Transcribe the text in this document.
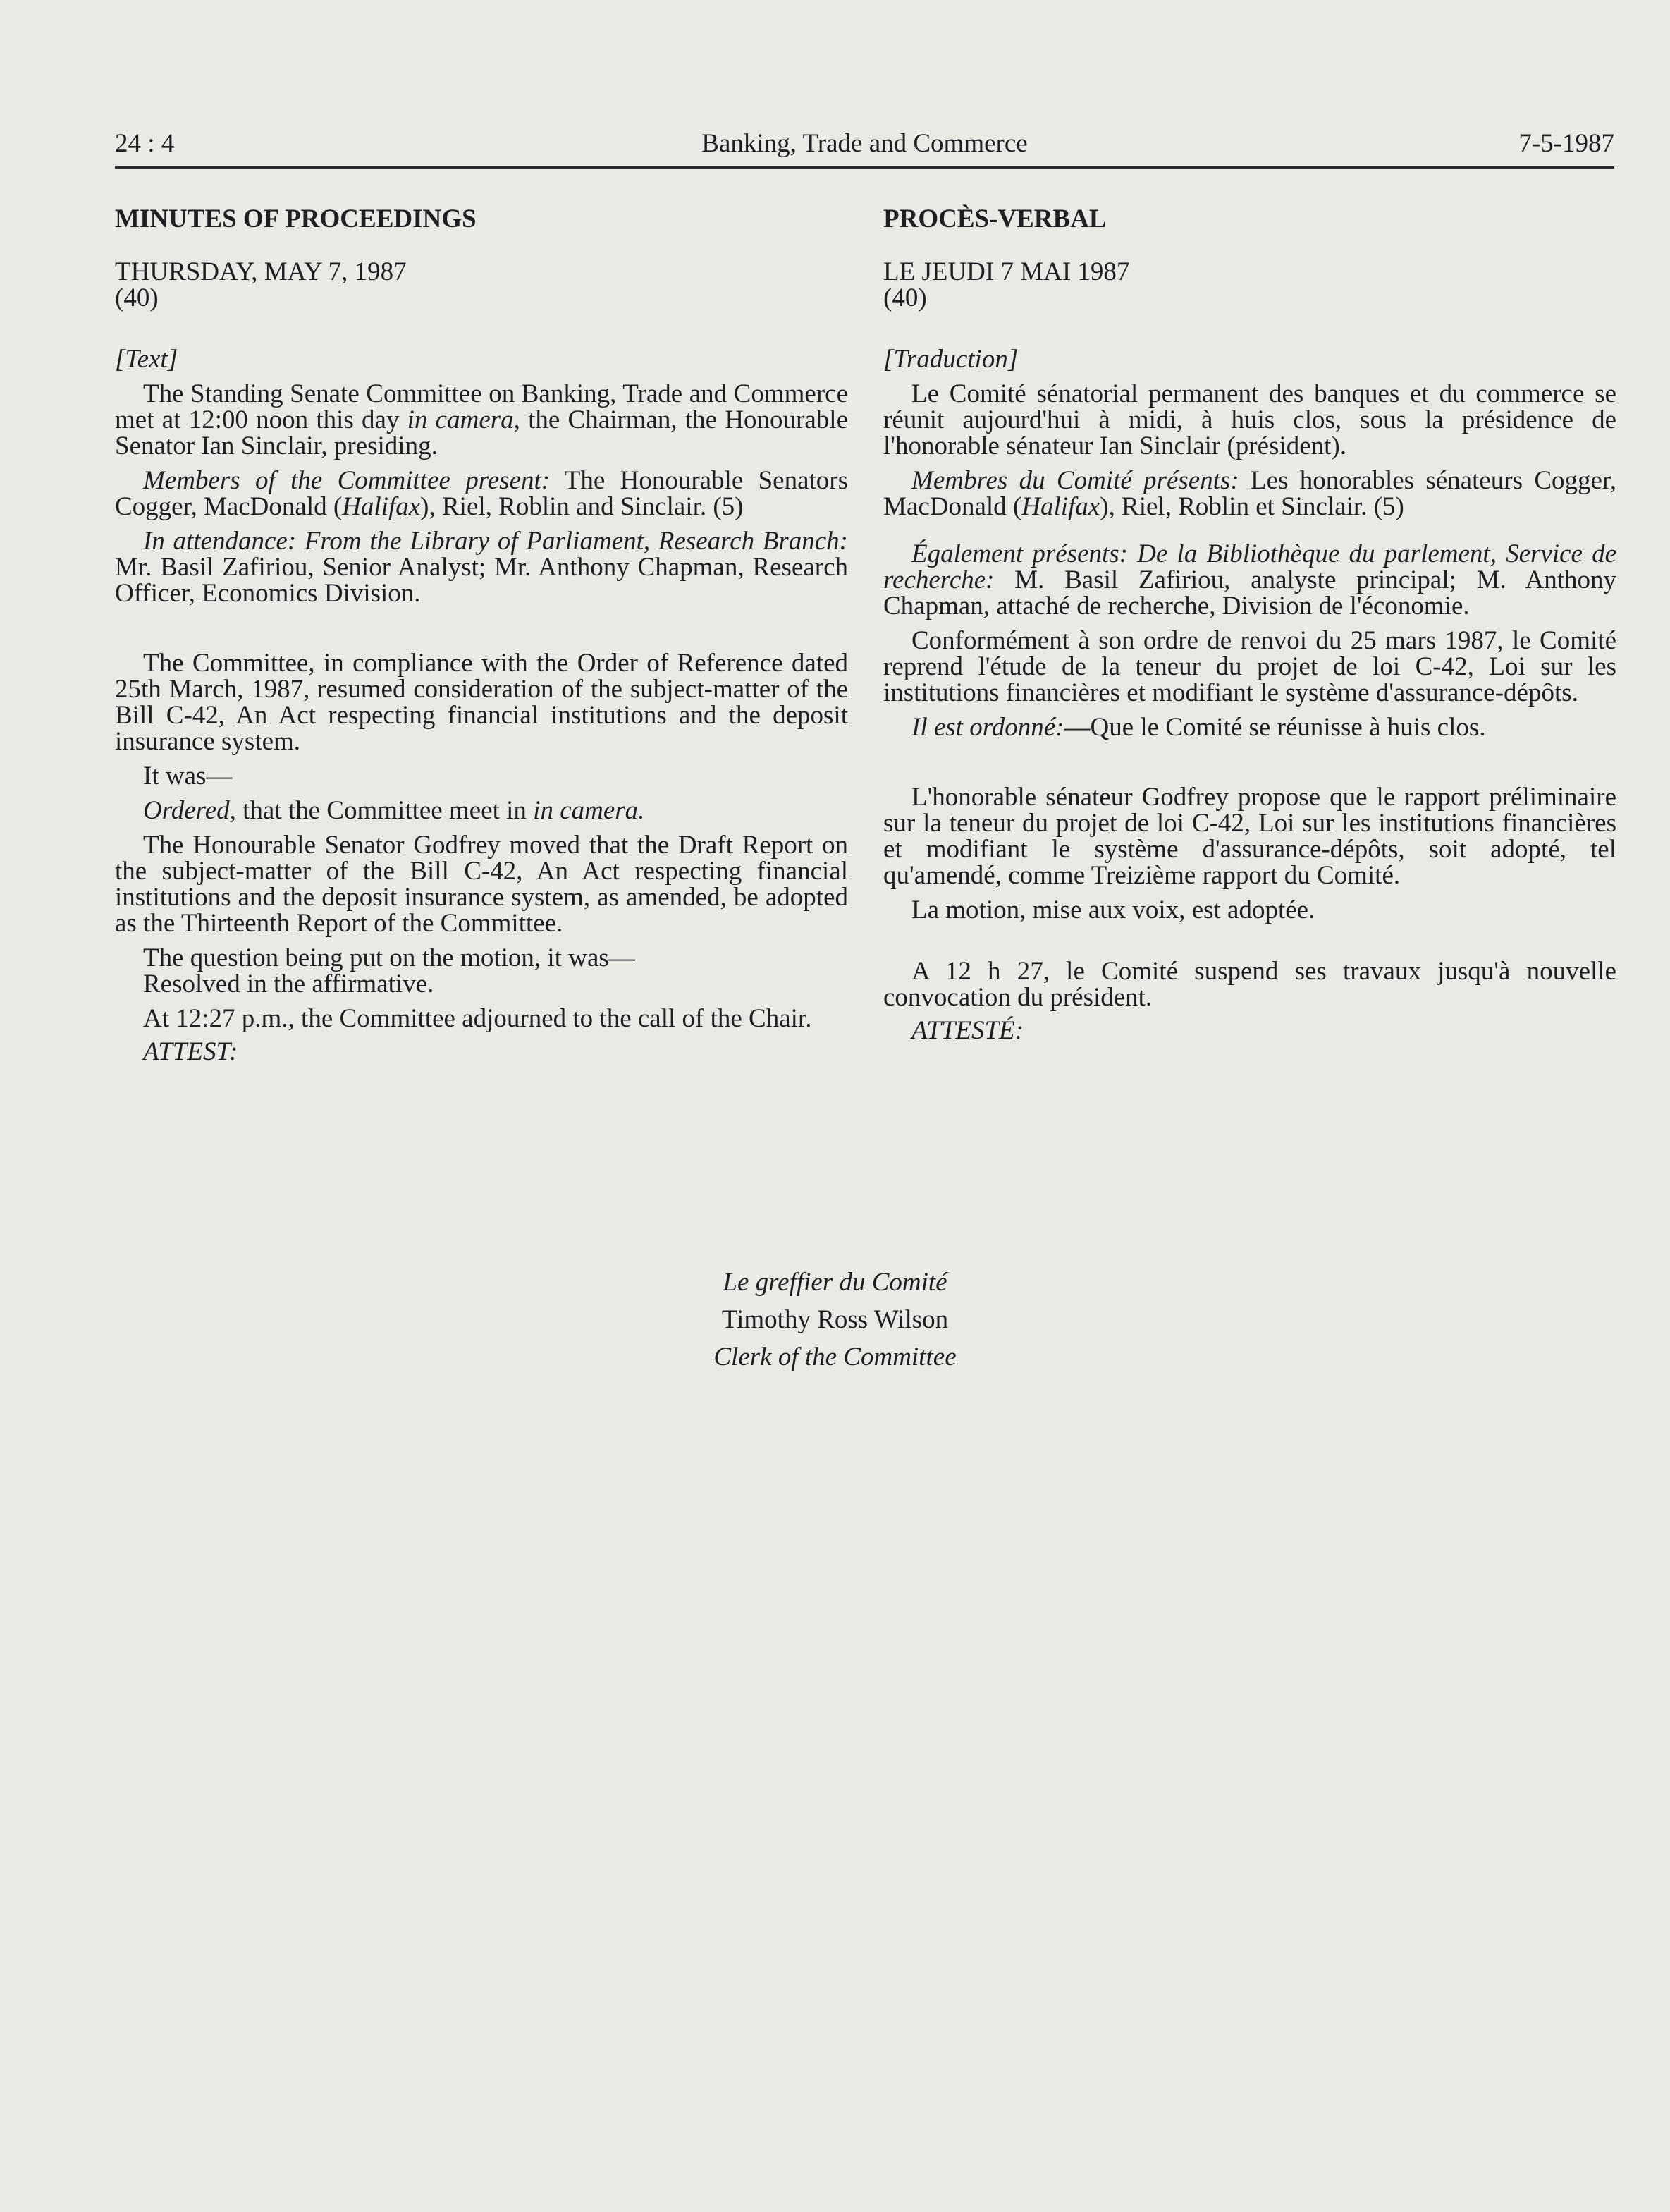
24 : 4	Banking, Trade and Commerce	7-5-1987

MINUTES OF PROCEEDINGS

THURSDAY, MAY 7, 1987

(40)

[Text]

The Standing Senate Committee on Banking, Trade and Commerce met at 12:00 noon this day in camera, the Chairman, the Honourable Senator Ian Sinclair, presiding.

Members of the Committee present: The Honourable Senators Cogger, MacDonald (Halifax), Riel, Roblin and Sinclair. (5)

In attendance: From the Library of Parliament, Research Branch: Mr. Basil Zafiriou, Senior Analyst; Mr. Anthony Chapman, Research Officer, Economics Division.

The Committee, in compliance with the Order of Reference dated 25th March, 1987, resumed consideration of the subject-matter of the Bill C-42, An Act respecting financial institutions and the deposit insurance system.

It was—

Ordered, that the Committee meet in in camera.

The Honourable Senator Godfrey moved that the Draft Report on the subject-matter of the Bill C-42, An Act respecting financial institutions and the deposit insurance system, as amended, be adopted as the Thirteenth Report of the Committee.

The question being put on the motion, it was—

Resolved in the affirmative.

At 12:27 p.m., the Committee adjourned to the call of the Chair.

ATTEST:

PROCÈS-VERBAL

LE JEUDI 7 MAI 1987

(40)

[Traduction]

Le Comité sénatorial permanent des banques et du commerce se réunit aujourd'hui à midi, à huis clos, sous la présidence de l'honorable sénateur Ian Sinclair (président).

Membres du Comité présents: Les honorables sénateurs Cogger, MacDonald (Halifax), Riel, Roblin et Sinclair. (5)

Également présents: De la Bibliothèque du parlement, Service de recherche: M. Basil Zafiriou, analyste principal; M. Anthony Chapman, attaché de recherche, Division de l'économie.

Conformément à son ordre de renvoi du 25 mars 1987, le Comité reprend l'étude de la teneur du projet de loi C-42, Loi sur les institutions financières et modifiant le système d'assurance-dépôts.

Il est ordonné:—Que le Comité se réunisse à huis clos.

L'honorable sénateur Godfrey propose que le rapport préliminaire sur la teneur du projet de loi C-42, Loi sur les institutions financières et modifiant le système d'assurance-dépôts, soit adopté, tel qu'amendé, comme Treizième rapport du Comité.

La motion, mise aux voix, est adoptée.

A 12 h 27, le Comité suspend ses travaux jusqu'à nouvelle convocation du président.

ATTESTÉ:

Le greffier du Comité
Timothy Ross Wilson
Clerk of the Committee
